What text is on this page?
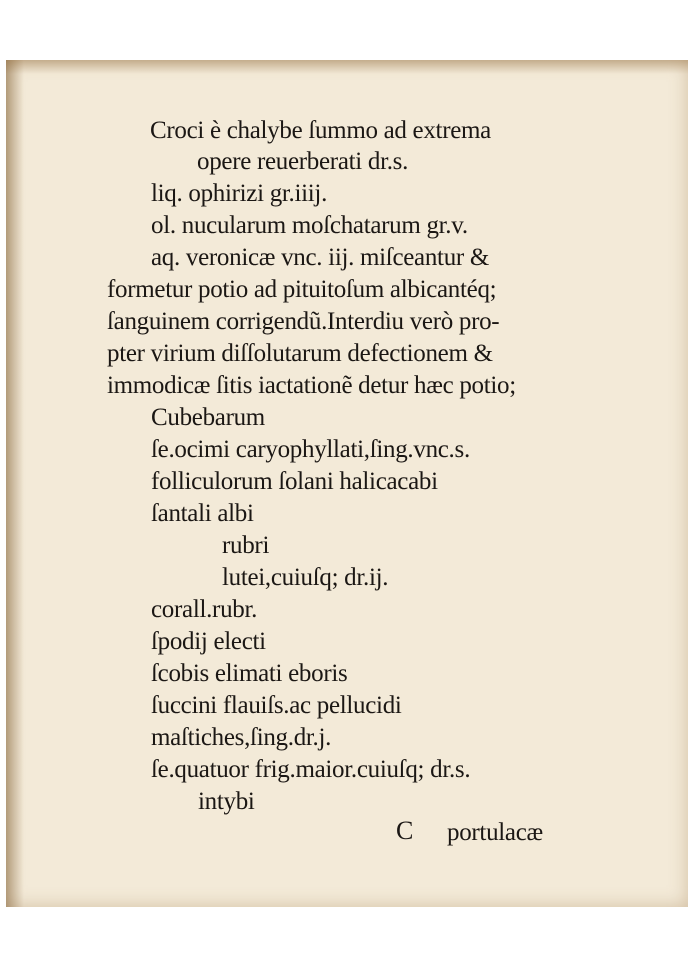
Croci è chalybe ſummo ad extrema
opere reuerberati dr.s.
liq. ophirizi gr.iiij.
ol. nucularum moſchatarum gr.v.
aq. veronicæ vnc. iij. miſceantur &
formetur potio ad pituitoſum albicantéq;
ſanguinem corrigendũ.Interdiu verò pro-
pter virium diſſolutarum defectionem &
immodicæ ſitis iactationẽ detur hæc potio;
Cubebarum
ſe.ocimi caryophyllati,ſing.vnc.s.
folliculorum ſolani halicacabi
ſantali albi
rubri
lutei,cuiuſq; dr.ij.
corall.rubr.
ſpodij electi
ſcobis elimati eboris
ſuccini flauiſs.ac pellucidi
maſtiches,ſing.dr.j.
ſe.quatuor frig.maior.cuiuſq; dr.s.
intybi
C portulacæ
